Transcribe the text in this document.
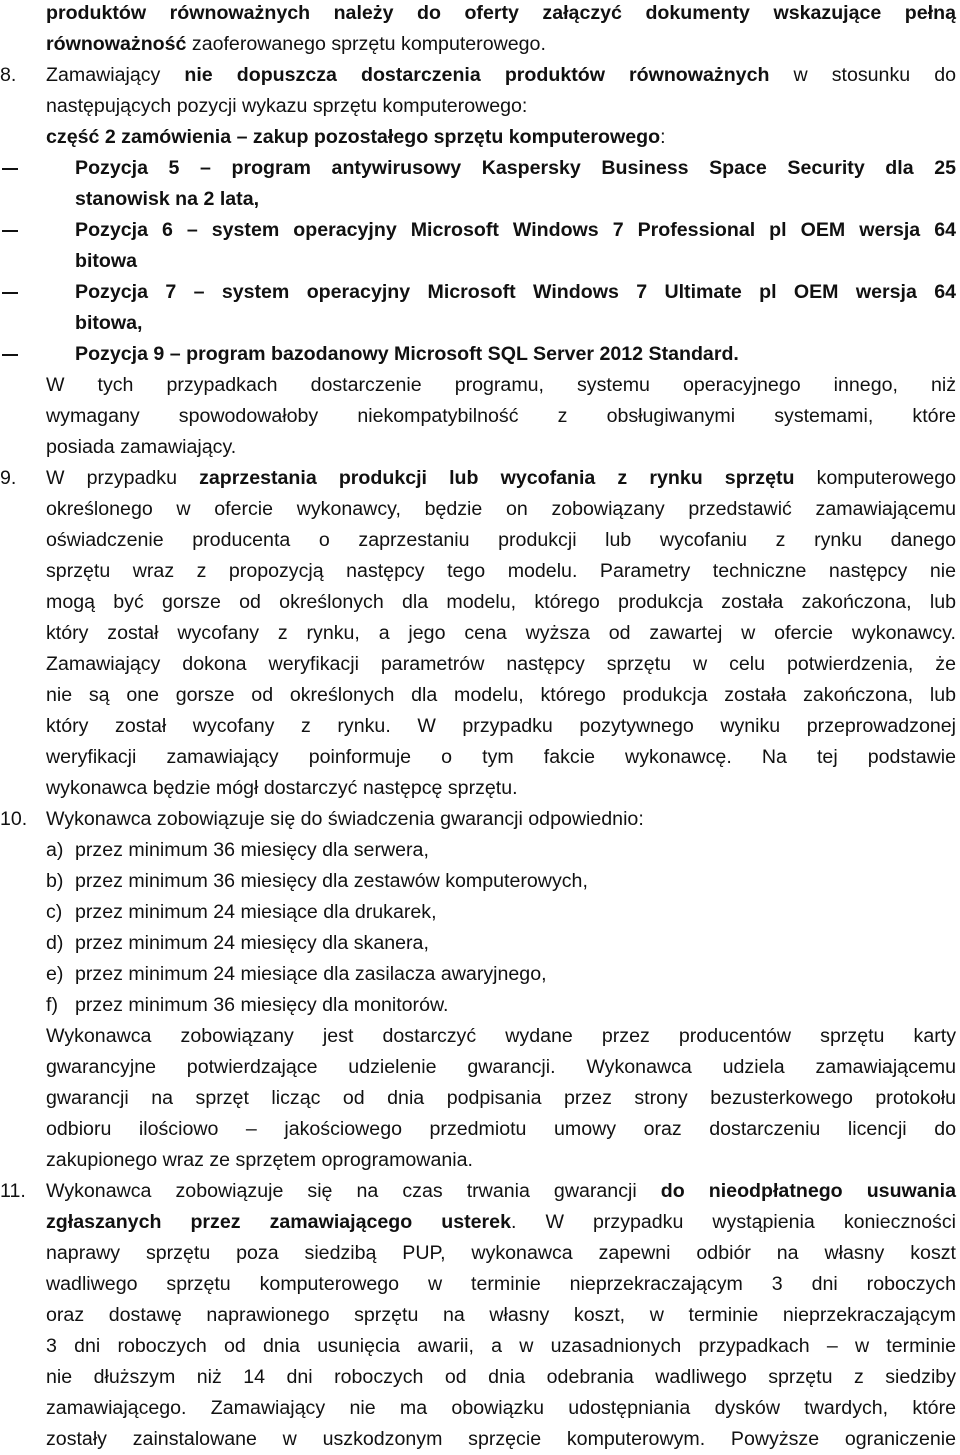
produktów równoważnych należy do oferty załączyć dokumenty wskazujące pełną
równoważność zaoferowanego sprzętu komputerowego.
8. Zamawiający nie dopuszcza dostarczenia produktów równoważnych w stosunku do
następujących pozycji wykazu sprzętu komputerowego:
część 2 zamówienia – zakup pozostałego sprzętu komputerowego:
Pozycja 5 – program antywirusowy Kaspersky Business Space Security dla 25
stanowisk na 2 lata,
Pozycja 6 – system operacyjny Microsoft Windows 7 Professional pl OEM wersja 64
bitowa
Pozycja 7 – system operacyjny Microsoft Windows 7 Ultimate pl OEM wersja 64
bitowa,
Pozycja 9 – program bazodanowy Microsoft SQL Server 2012 Standard.
W tych przypadkach dostarczenie programu, systemu operacyjnego innego, niż
wymagany spowodowałoby niekompatybilność z obsługiwanymi systemami, które
posiada zamawiający.
9. W przypadku zaprzestania produkcji lub wycofania z rynku sprzętu komputerowego
określonego w ofercie wykonawcy, będzie on zobowiązany przedstawić zamawiającemu
oświadczenie producenta o zaprzestaniu produkcji lub wycofaniu z rynku danego
sprzętu wraz z propozycją następcy tego modelu. Parametry techniczne następcy nie
mogą być gorsze od określonych dla modelu, którego produkcja została zakończona, lub
który został wycofany z rynku, a jego cena wyższa od zawartej w ofercie wykonawcy.
Zamawiający dokona weryfikacji parametrów następcy sprzętu w celu potwierdzenia, że
nie są one gorsze od określonych dla modelu, którego produkcja została zakończona, lub
który został wycofany z rynku. W przypadku pozytywnego wyniku przeprowadzonej
weryfikacji zamawiający poinformuje o tym fakcie wykonawcę. Na tej podstawie
wykonawca będzie mógł dostarczyć następcę sprzętu.
10. Wykonawca zobowiązuje się do świadczenia gwarancji odpowiednio:
a) przez minimum 36 miesięcy dla serwera,
b) przez minimum 36 miesięcy dla zestawów komputerowych,
c) przez minimum 24 miesiące dla drukarek,
d) przez minimum 24 miesięcy dla skanera,
e) przez minimum 24 miesiące dla zasilacza awaryjnego,
f) przez minimum 36 miesięcy dla monitorów.
Wykonawca zobowiązany jest dostarczyć wydane przez producentów sprzętu karty
gwarancyjne potwierdzające udzielenie gwarancji. Wykonawca udziela zamawiającemu
gwarancji na sprzęt licząc od dnia podpisania przez strony bezusterkowego protokołu
odbioru ilościowo – jakościowego przedmiotu umowy oraz dostarczeniu licencji do
zakupionego wraz ze sprzętem oprogramowania.
11. Wykonawca zobowiązuje się na czas trwania gwarancji do nieodpłatnego usuwania
zgłaszanych przez zamawiającego usterek. W przypadku wystąpienia konieczności
naprawy sprzętu poza siedzibą PUP, wykonawca zapewni odbiór na własny koszt
wadliwego sprzętu komputerowego w terminie nieprzekraczającym 3 dni roboczych
oraz dostawę naprawionego sprzętu na własny koszt, w terminie nieprzekraczającym
3 dni roboczych od dnia usunięcia awarii, a w uzasadnionych przypadkach – w terminie
nie dłuższym niż 14 dni roboczych od dnia odebrania wadliwego sprzętu z siedziby
zamawiającego. Zamawiający nie ma obowiązku udostępniania dysków twardych, które
zostały zainstalowane w uszkodzonym sprzęcie komputerowym. Powyższe ograniczenie
